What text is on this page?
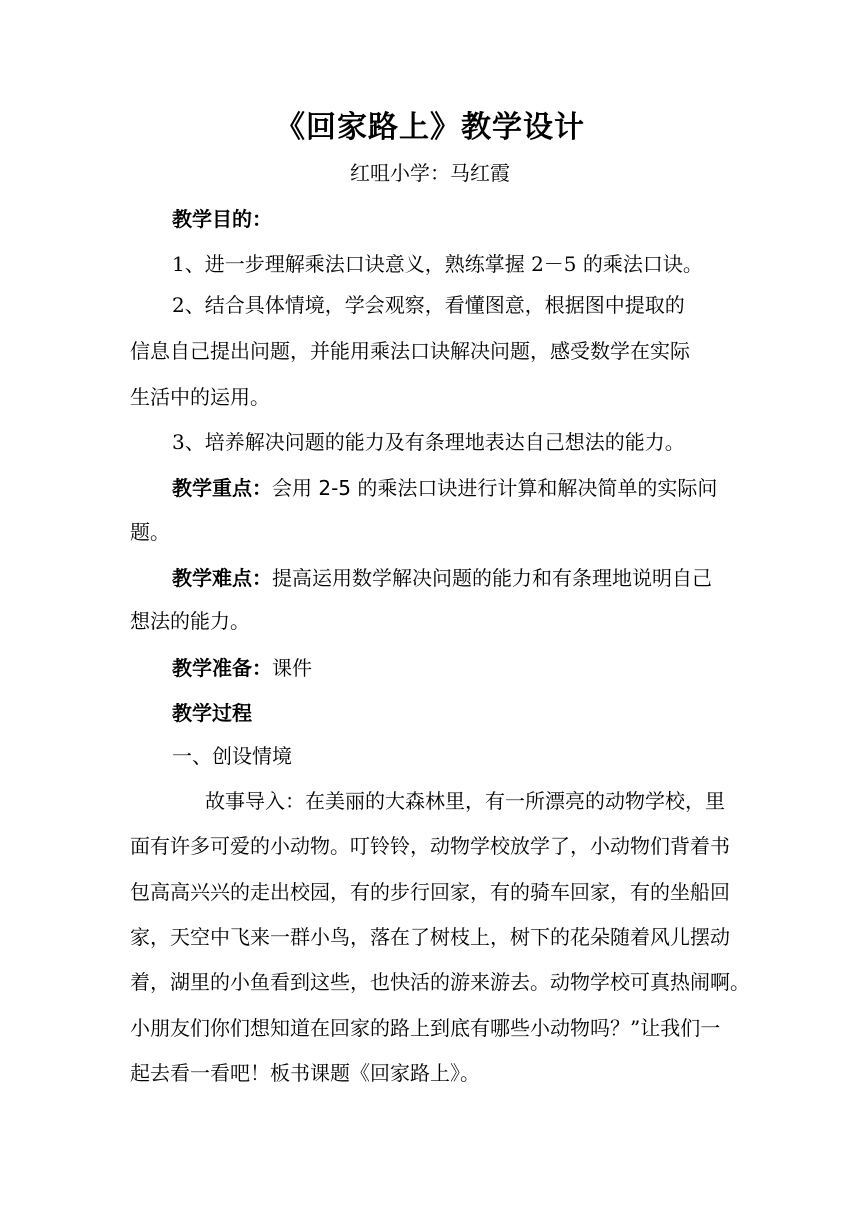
《回家路上》教学设计

红咀小学：马红霞

教学目的：

1、进一步理解乘法口诀意义，熟练掌握 2－5 的乘法口诀。

2、结合具体情境，学会观察，看懂图意，根据图中提取的

信息自己提出问题，并能用乘法口诀解决问题，感受数学在实际

生活中的运用。

3、培养解决问题的能力及有条理地表达自己想法的能力。

教学重点：会用 2-5 的乘法口诀进行计算和解决简单的实际问

题。

教学难点：提高运用数学解决问题的能力和有条理地说明自己

想法的能力。

教学准备：课件

教学过程

一、创设情境

故事导入：在美丽的大森林里，有一所漂亮的动物学校，里

面有许多可爱的小动物。叮铃铃，动物学校放学了，小动物们背着书

包高高兴兴的走出校园，有的步行回家，有的骑车回家，有的坐船回

家，天空中飞来一群小鸟，落在了树枝上，树下的花朵随着风儿摆动

着，湖里的小鱼看到这些，也快活的游来游去。动物学校可真热闹啊。

小朋友们你们想知道在回家的路上到底有哪些小动物吗？”让我们一

起去看一看吧！板书课题《回家路上》。
